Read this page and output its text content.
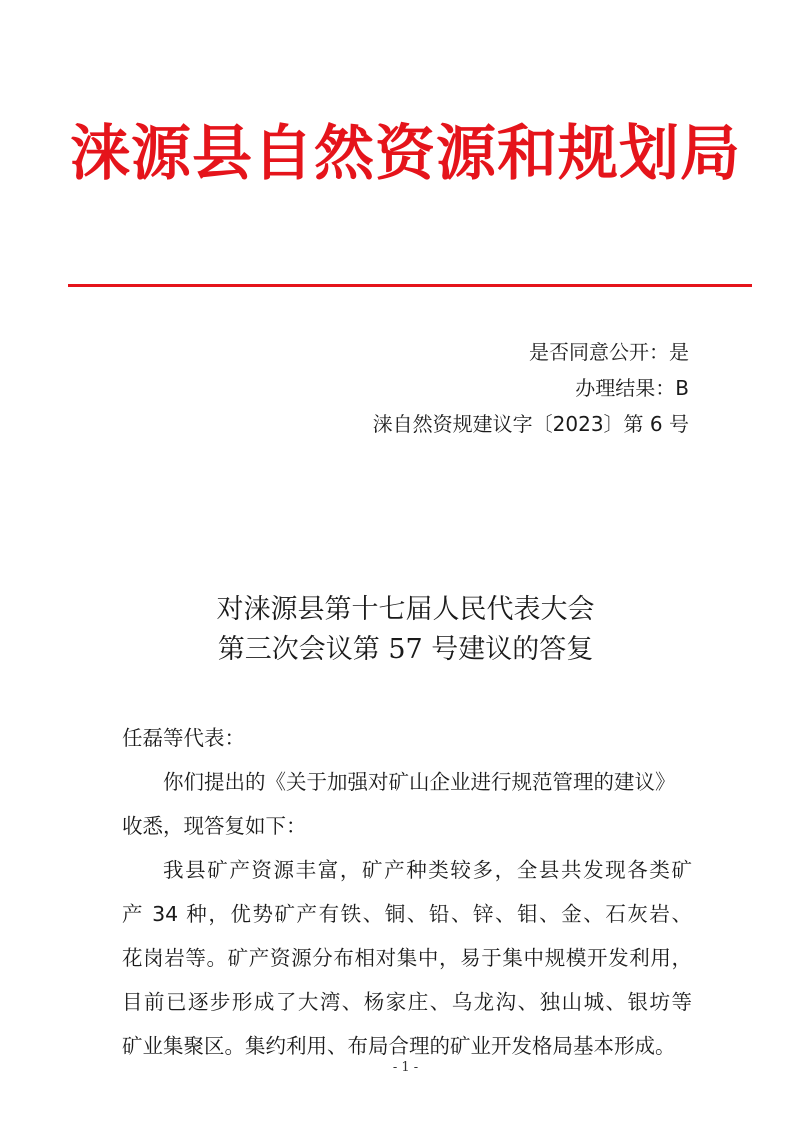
涞源县自然资源和规划局
是否同意公开：是
办理结果：B
涞自然资规建议字〔2023〕第 6 号
对涞源县第十七届人民代表大会
第三次会议第 57 号建议的答复
任磊等代表：
你们提出的《关于加强对矿山企业进行规范管理的建议》
收悉，现答复如下：
我县矿产资源丰富，矿产种类较多，全县共发现各类矿
产 34 种，优势矿产有铁、铜、铅、锌、钼、金、石灰岩、
花岗岩等。矿产资源分布相对集中，易于集中规模开发利用，
目前已逐步形成了大湾、杨家庄、乌龙沟、独山城、银坊等
矿业集聚区。集约利用、布局合理的矿业开发格局基本形成。
- 1 -
